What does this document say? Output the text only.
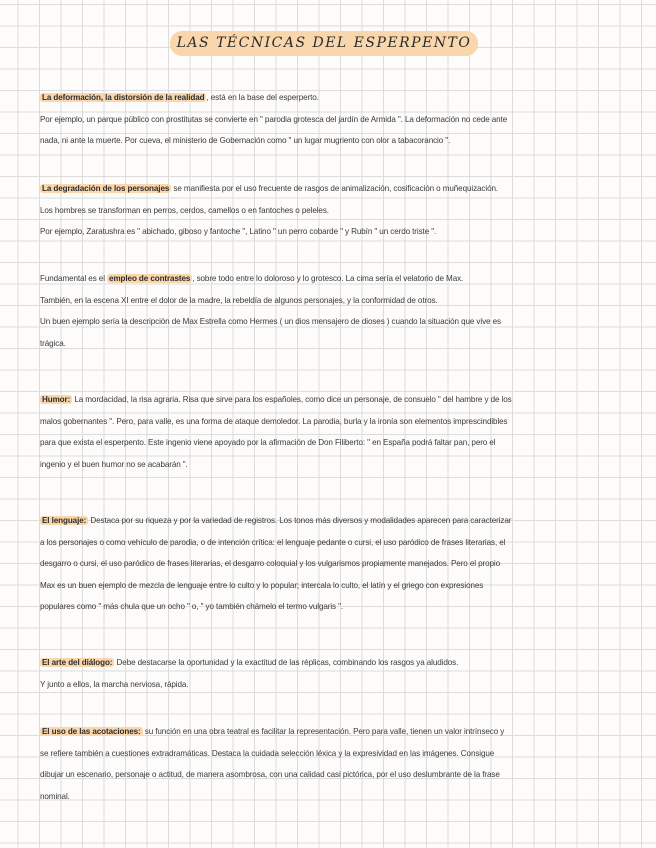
LAS TÉCNICAS DEL ESPERPENTO
La deformación, la distorsión de la realidad , está en la base del esperperto.
Por ejemplo, un parque público con prostitutas se convierte en " parodia grotesca del jardín de Armida ". La deformación no cede ante
nada, ni ante la muerte. Por cueva, el ministerio de Gobernación como " un lugar mugriento con olor a tabacorancio ".
La degradación de los personajes se manifiesta por el uso frecuente de rasgos de animalización, cosificación o muñequización.
Los hombres se transforman en perros, cerdos, camellos o en fantoches o peleles.
Por ejemplo, Zaratushra es " abichado, giboso y fantoche ", Latino " un perro cobarde " y Rubín " un cerdo triste ".
Fundamental es el empleo de contrastes , sobre todo entre lo doloroso y lo grotesco. La cima sería el velatorio de Max.
También, en la escena XI entre el dolor de la madre, la rebeldía de algunos personajes, y la conformidad de otros.
Un buen ejemplo sería la descripción de Max Estrella como Hermes ( un dios mensajero de dioses ) cuando la situación que vive es
trágica.
Humor: La mordacidad, la risa agraria. Risa que sirve para los españoles, como dice un personaje, de consuelo " del hambre y de los
malos gobernantes ". Pero, para valle, es una forma de ataque demoledor. La parodia, burla y la ironía son elementos imprescindibles
para que exista el esperpento. Este ingenio viene apoyado por la afirmación de Don Filiberto: " en España podrá faltar pan, pero el
ingenio y el buen humor no se acabarán ".
El lenguaje: Destaca por su riqueza y por la variedad de registros. Los tonos más diversos y modalidades aparecen para caracterizar
a los personajes o como vehículo de parodia, o de intención crítica: el lenguaje pedante o cursi, el uso paródico de frases literarias, el
desgarro o cursi, el uso paródico de frases literarias, el desgarro coloquial y los vulgarismos propiamente manejados. Pero el propio
Max es un buen ejemplo de mezcla de lenguaje entre lo culto y lo popular; intercala lo culto, el latín y el griego con expresiones
populares como " más chula que un ocho " o, " yo también chámelo el termo vulgaris ".
El arte del diálogo: Debe destacarse la oportunidad y la exactitud de las réplicas, combinando los rasgos ya aludidos.
Y junto a ellos, la marcha nerviosa, rápida.
El uso de las acotaciones: su función en una obra teatral es facilitar la representación. Pero para valle, tienen un valor intrínseco y
se refiere también a cuestiones extradramáticas. Destaca la cuidada selección léxica y la expresividad en las imágenes. Consigue
dibujar un escenario, personaje o actitud, de manera asombrosa, con una calidad casi pictórica, por el uso deslumbrante de la frase
nominal.
